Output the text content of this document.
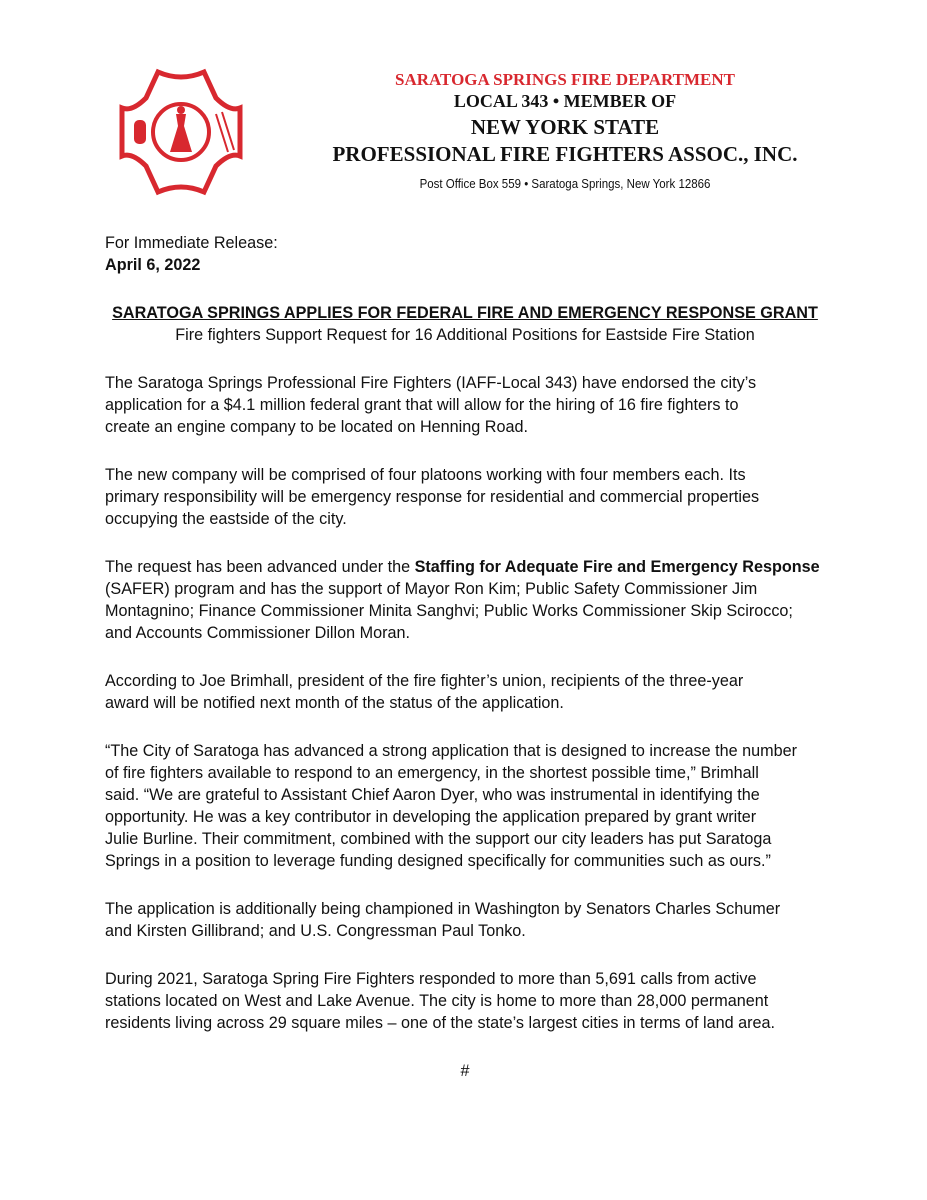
SARATOGA SPRINGS FIRE DEPARTMENT
LOCAL 343 • MEMBER OF
NEW YORK STATE
PROFESSIONAL FIRE FIGHTERS ASSOC., INC.
Post Office Box 559 • Saratoga Springs, New York 12866
For Immediate Release:
April 6, 2022
SARATOGA SPRINGS APPLIES FOR FEDERAL FIRE AND EMERGENCY RESPONSE GRANT
Fire fighters Support Request for 16 Additional Positions for Eastside Fire Station
The Saratoga Springs Professional Fire Fighters (IAFF-Local 343) have endorsed the city’s
application for a $4.1 million federal grant that will allow for the hiring of 16 fire fighters to
create an engine company to be located on Henning Road.
The new company will be comprised of four platoons working with four members each. Its
primary responsibility will be emergency response for residential and commercial properties
occupying the eastside of the city.
The request has been advanced under the Staffing for Adequate Fire and Emergency Response
(SAFER) program and has the support of Mayor Ron Kim; Public Safety Commissioner Jim
Montagnino; Finance Commissioner Minita Sanghvi; Public Works Commissioner Skip Scirocco;
and Accounts Commissioner Dillon Moran.
According to Joe Brimhall, president of the fire fighter’s union, recipients of the three-year
award will be notified next month of the status of the application.
“The City of Saratoga has advanced a strong application that is designed to increase the number
of fire fighters available to respond to an emergency, in the shortest possible time,” Brimhall
said. “We are grateful to Assistant Chief Aaron Dyer, who was instrumental in identifying the
opportunity. He was a key contributor in developing the application prepared by grant writer
Julie Burline. Their commitment, combined with the support our city leaders has put Saratoga
Springs in a position to leverage funding designed specifically for communities such as ours.”
The application is additionally being championed in Washington by Senators Charles Schumer
and Kirsten Gillibrand; and U.S. Congressman Paul Tonko.
During 2021, Saratoga Spring Fire Fighters responded to more than 5,691 calls from active
stations located on West and Lake Avenue. The city is home to more than 28,000 permanent
residents living across 29 square miles – one of the state’s largest cities in terms of land area.
#
